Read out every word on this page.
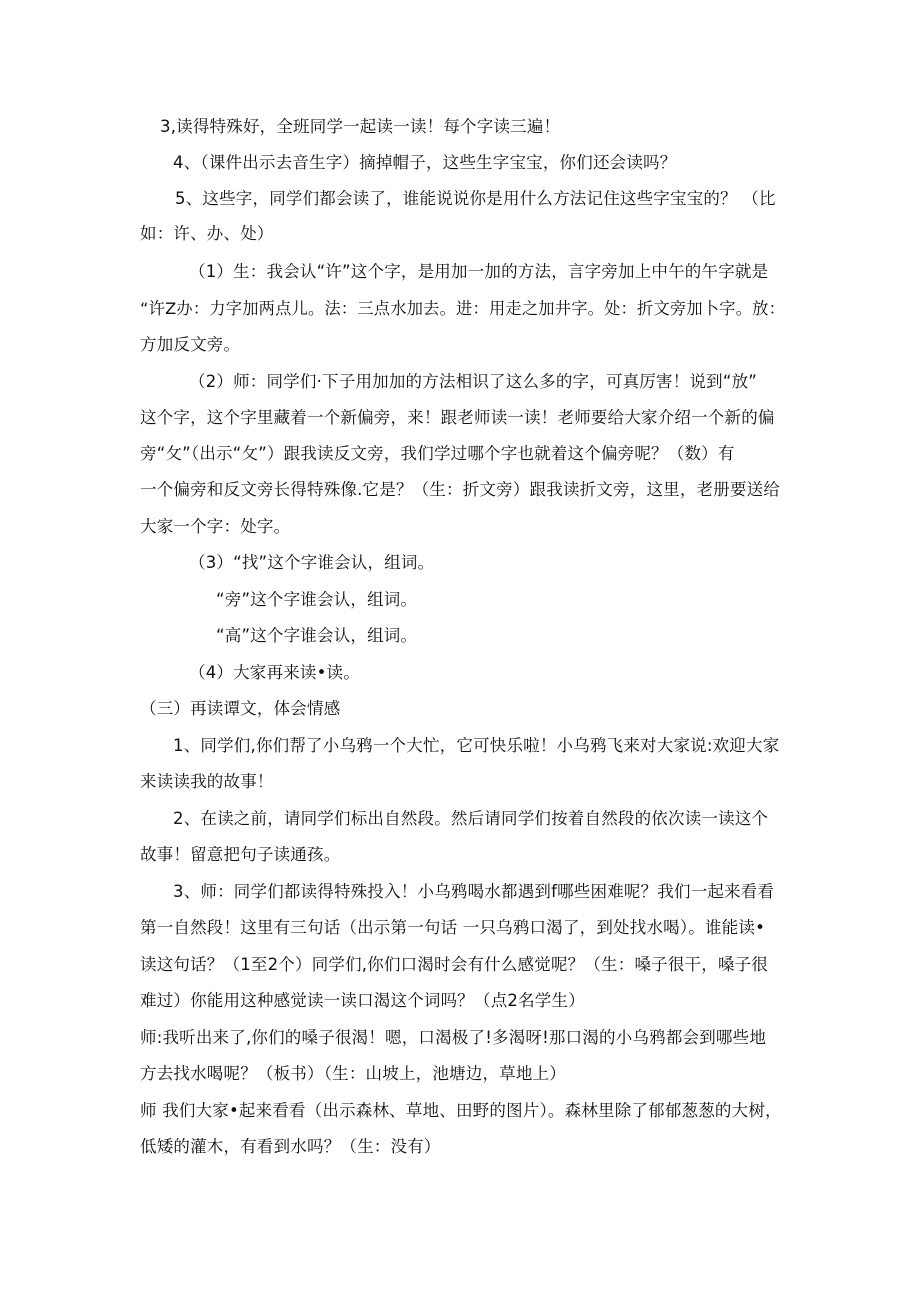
3,读得特殊好，全班同学一起读一读！每个字读三遍！
4、（课件出示去音生字）摘掉帽子，这些生字宝宝，你们还会读吗？
5、这些字，同学们都会读了，谁能说说你是用什么方法记住这些字宝宝的？ （比
如：许、办、处）
（1）生：我会认“许”这个字，是用加一加的方法，言字旁加上中午的午字就是
“许Z办：力字加两点儿。法：三点水加去。进：用走之加井字。处：折文旁加卜字。放：
方加反文旁。
（2）师：同学们·下子用加加的方法相识了这么多的字，可真厉害！说到“放”
这个字，这个字里藏着一个新偏旁，来！跟老师读一读！老师要给大家介绍一个新的偏
旁“攵”（出示“攵”）跟我读反文旁，我们学过哪个字也就着这个偏旁呢？（数）有
一个偏旁和反文旁长得特殊像.它是？（生：折文旁）跟我读折文旁，这里，老册要送给
大家一个字：处字。
（3）“找”这个字谁会认，组词。
“旁”这个字谁会认，组词。
“高”这个字谁会认，组词。
（4）大家再来读•读。
（三）再读谭文，体会情感
1、同学们,你们帮了小乌鸦一个大忙，它可快乐啦！小乌鸦飞来对大家说:欢迎大家
来读读我的故事！
2、在读之前，请同学们标出自然段。然后请同学们按着自然段的依次读一读这个
故事！留意把句子读通孩。
3、师：同学们都读得特殊投入！小乌鸦喝水都遇到f哪些困难呢？我们一起来看看
第一自然段！这里有三句话（出示第一句话 一只乌鸦口渴了，到处找水喝）。谁能读•
读这句话？（1至2个）同学们,你们口渴时会有什么感觉呢？（生：嗓子很干，嗓子很
难过）你能用这种感觉读一读口渴这个词吗？（点2名学生）
师:我听出来了,你们的嗓子很渴！嗯，口渴极了!多渴呀!那口渴的小乌鸦都会到哪些地
方去找水喝呢？（板书）（生：山坡上，池塘边，草地上）
师 我们大家•起来看看（出示森林、草地、田野的图片）。森林里除了郁郁葱葱的大树，
低矮的灌木，有看到水吗？（生：没有）
